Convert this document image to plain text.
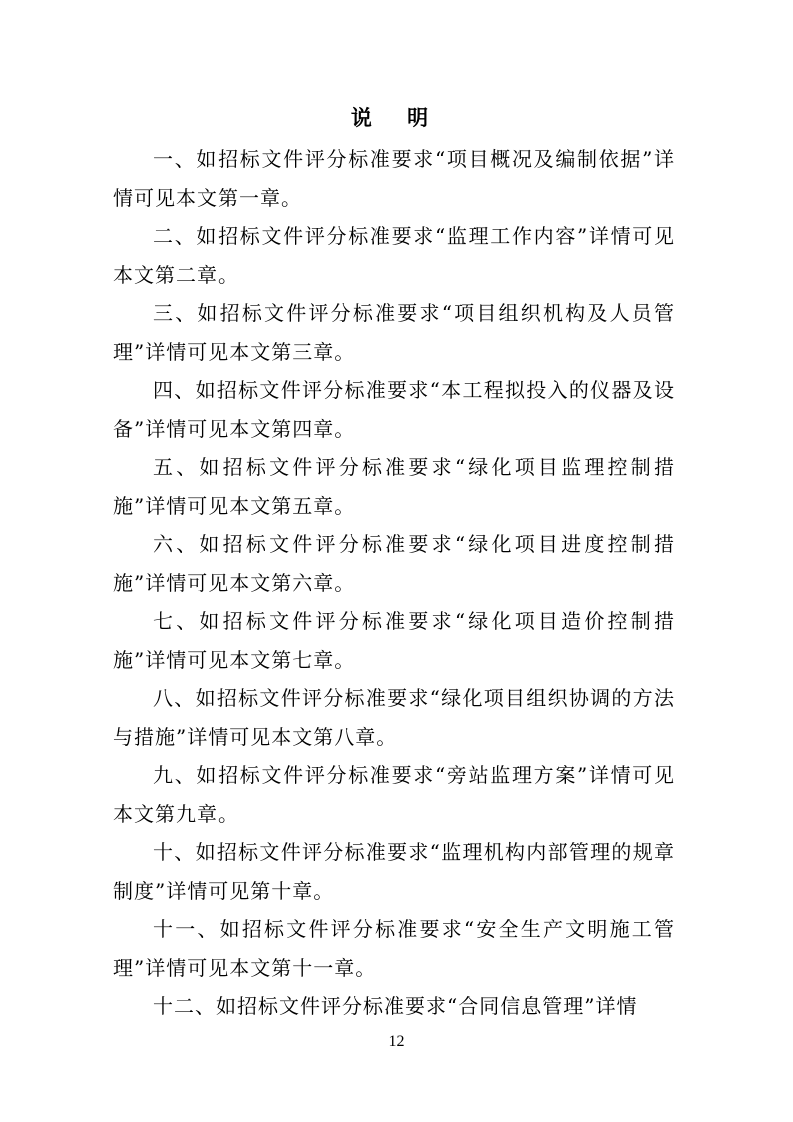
说 明

一、如招标文件评分标准要求“项目概况及编制依据”详情可见本文第一章。

二、如招标文件评分标准要求“监理工作内容”详情可见本文第二章。

三、如招标文件评分标准要求“项目组织机构及人员管理”详情可见本文第三章。

四、如招标文件评分标准要求“本工程拟投入的仪器及设备”详情可见本文第四章。

五、如招标文件评分标准要求“绿化项目监理控制措施”详情可见本文第五章。

六、如招标文件评分标准要求“绿化项目进度控制措施”详情可见本文第六章。

七、如招标文件评分标准要求“绿化项目造价控制措施”详情可见本文第七章。

八、如招标文件评分标准要求“绿化项目组织协调的方法与措施”详情可见本文第八章。

九、如招标文件评分标准要求“旁站监理方案”详情可见本文第九章。

十、如招标文件评分标准要求“监理机构内部管理的规章制度”详情可见第十章。

十一、如招标文件评分标准要求“安全生产文明施工管理”详情可见本文第十一章。

十二、如招标文件评分标准要求“合同信息管理”详情

12
